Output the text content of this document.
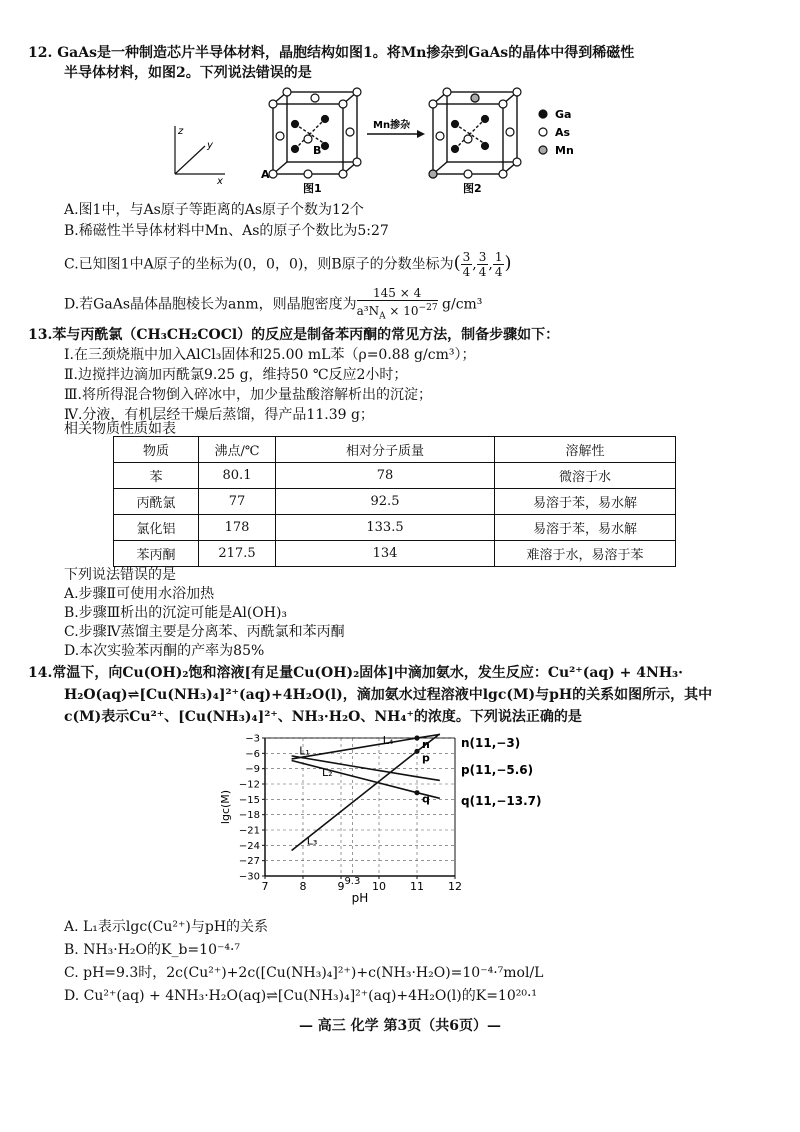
12. GaAs是一种制造芯片半导体材料，晶胞结构如图1。将Mn掺杂到GaAs的晶体中得到稀磁性
半导体材料，如图2。下列说法错误的是
z
y
x
A
B
图1
Mn掺杂
图2
Ga
As
Mn
A.图1中，与As原子等距离的As原子个数为12个
B.稀磁性半导体材料中Mn、As的原子个数比为5:27
C.已知图1中A原子的坐标为(0，0，0)，则B原子的分数坐标为( $\frac{3}{4}$ , $\frac{3}{4}$ , $\frac{1}{4}$ )
D.若GaAs晶体晶胞棱长为anm，则晶胞密度为 $\frac{145 \times 4}{a^3N_A \times 10^{-27}} g/cm^3$
13.苯与丙酰氯（CH₃CH₂COCl）的反应是制备苯丙酮的常见方法，制备步骤如下：
Ⅰ.在三颈烧瓶中加入AlCl₃固体和25.00 mL苯（ρ=0.88 g/cm³）；
Ⅱ.边搅拌边滴加丙酰氯9.25 g，维持50 ℃反应2小时；
Ⅲ.将所得混合物倒入碎冰中，加少量盐酸溶解析出的沉淀；
Ⅳ.分液，有机层经干燥后蒸馏，得产品11.39 g；
相关物质性质如表
物质	沸点/℃	相对分子质量	溶解性
苯	80.1	78	微溶于水
丙酰氯	77	92.5	易溶于苯，易水解
氯化铝	178	133.5	易溶于苯，易水解
苯丙酮	217.5	134	难溶于水，易溶于苯
下列说法错误的是
A.步骤Ⅱ可使用水浴加热
B.步骤Ⅲ析出的沉淀可能是Al(OH)₃
C.步骤Ⅳ蒸馏主要是分离苯、丙酰氯和苯丙酮
D.本次实验苯丙酮的产率为85%
14.常温下，向Cu(OH)₂饱和溶液[有足量Cu(OH)₂固体]中滴加氨水，发生反应：Cu²⁺(aq) + 4NH₃·
H₂O(aq)⇌[Cu(NH₃)₄]²⁺(aq)+4H₂O(l)，滴加氨水过程溶液中lgc(M)与pH的关系如图所示，其中
c(M)表示Cu²⁺、[Cu(NH₃)₄]²⁺、NH₃·H₂O、NH₄⁺的浓度。下列说法正确的是
−3
−6
−9
−12
−15
−18
−21
−24
−27
−30
7	8	9	10 11 12
9.3
pH
lgc(M)
L₁
L₂
L₃
L₄	n
p
q
n(11,−3)
p(11,−5.6)
q(11,−13.7)
A. L₁表示lgc(Cu²⁺)与pH的关系
B. NH₃·H₂O的K_b=10⁻⁴·⁷
C. pH=9.3时，2c(Cu²⁺)+2c([Cu(NH₃)₄]²⁺)+c(NH₃·H₂O)=10⁻⁴·⁷mol/L
D. Cu²⁺(aq) + 4NH₃·H₂O(aq)⇌[Cu(NH₃)₄]²⁺(aq)+4H₂O(l)的K=10²⁰·¹
— 高三 化学 第3页（共6页）—
